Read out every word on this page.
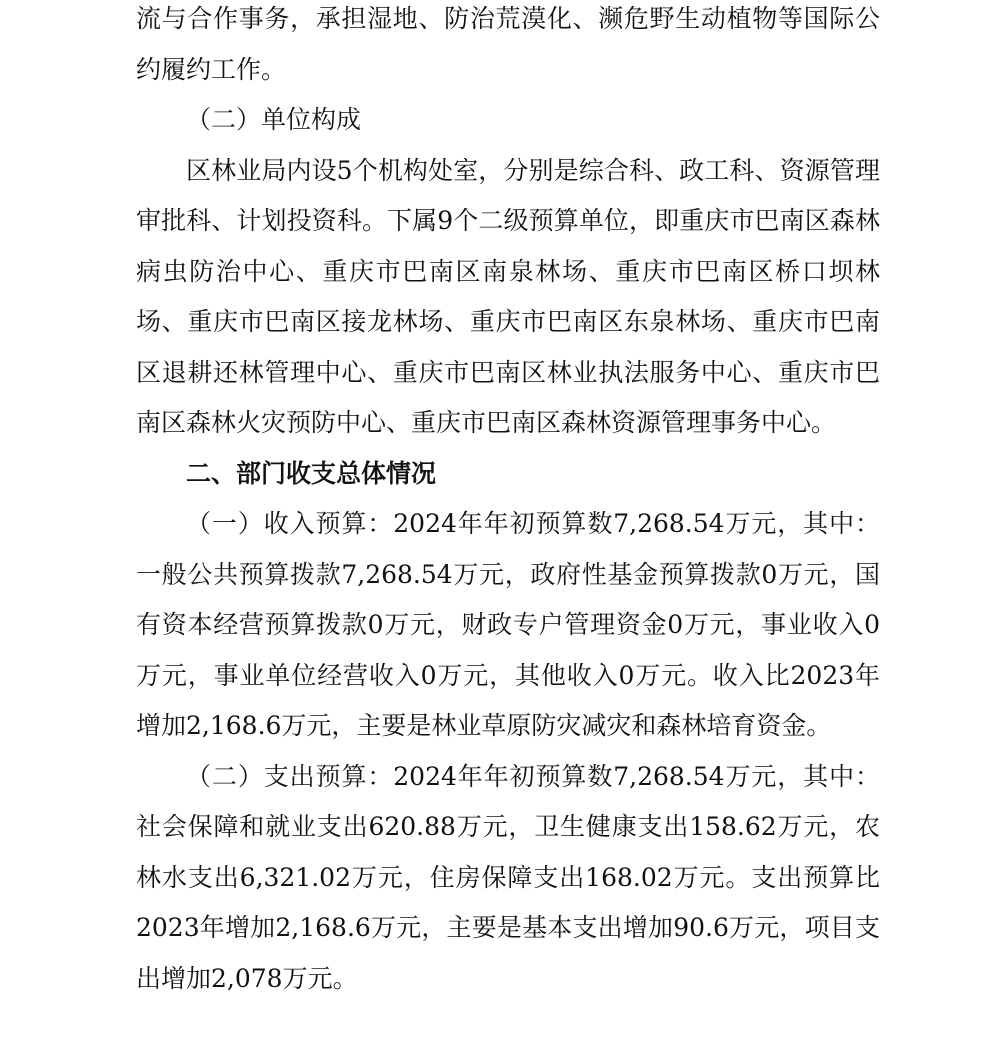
流与合作事务，承担湿地、防治荒漠化、濒危野生动植物等国际公约履约工作。

（二）单位构成

区林业局内设5个机构处室，分别是综合科、政工科、资源管理审批科、计划投资科。下属9个二级预算单位，即重庆市巴南区森林病虫防治中心、重庆市巴南区南泉林场、重庆市巴南区桥口坝林场、重庆市巴南区接龙林场、重庆市巴南区东泉林场、重庆市巴南区退耕还林管理中心、重庆市巴南区林业执法服务中心、重庆市巴南区森林火灾预防中心、重庆市巴南区森林资源管理事务中心。

二、部门收支总体情况

（一）收入预算：2024年年初预算数7,268.54万元，其中：一般公共预算拨款7,268.54万元，政府性基金预算拨款0万元，国有资本经营预算拨款0万元，财政专户管理资金0万元，事业收入0万元，事业单位经营收入0万元，其他收入0万元。收入比2023年增加2,168.6万元，主要是林业草原防灾减灾和森林培育资金。

（二）支出预算：2024年年初预算数7,268.54万元，其中：社会保障和就业支出620.88万元，卫生健康支出158.62万元，农林水支出6,321.02万元，住房保障支出168.02万元。支出预算比2023年增加2,168.6万元，主要是基本支出增加90.6万元，项目支出增加2,078万元。
